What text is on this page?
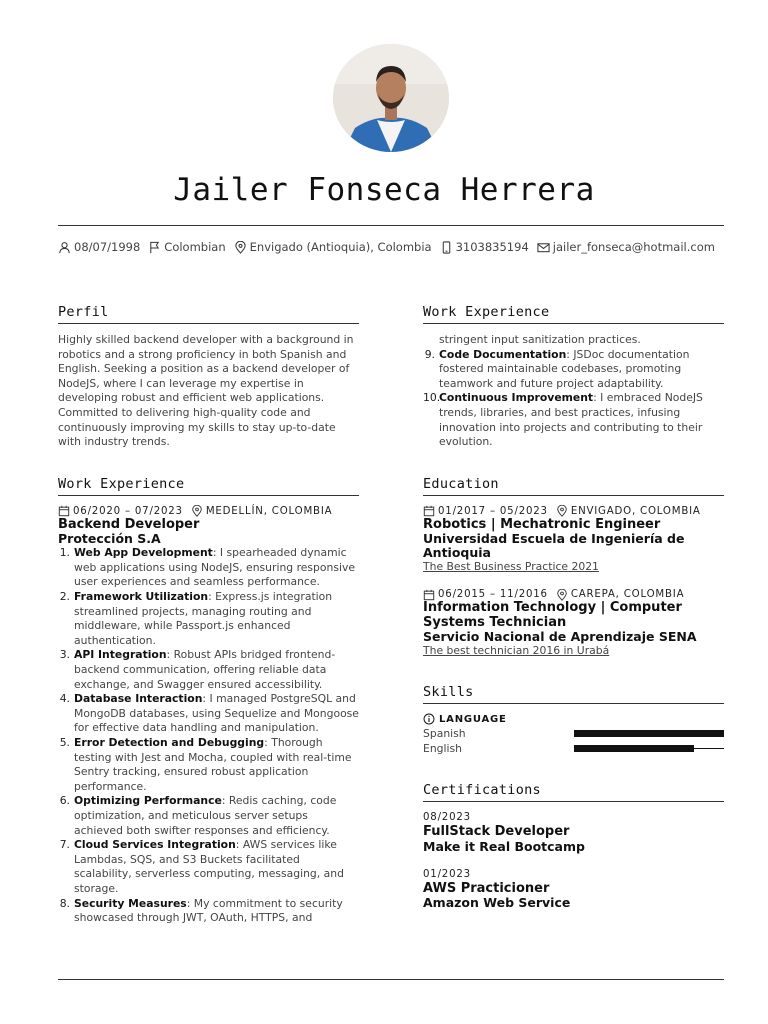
Jailer Fonseca Herrera
08/07/1998 Colombian Envigado (Antioquia), Colombia 3103835194 jailer_fonseca@hotmail.com
Perfil
Highly skilled backend developer with a background in robotics and a strong proficiency in both Spanish and English. Seeking a position as a backend developer of NodeJS, where I can leverage my expertise in developing robust and efficient web applications. Committed to delivering high-quality code and continuously improving my skills to stay up-to-date with industry trends.
Work Experience
06/2020 – 07/2023 MEDELLÍN, COLOMBIA
Backend Developer
Protección S.A
1. Web App Development: I spearheaded dynamic web applications using NodeJS, ensuring responsive user experiences and seamless performance.
2. Framework Utilization: Express.js integration streamlined projects, managing routing and middleware, while Passport.js enhanced authentication.
3. API Integration: Robust APIs bridged frontend-backend communication, offering reliable data exchange, and Swagger ensured accessibility.
4. Database Interaction: I managed PostgreSQL and MongoDB databases, using Sequelize and Mongoose for effective data handling and manipulation.
5. Error Detection and Debugging: Thorough testing with Jest and Mocha, coupled with real-time Sentry tracking, ensured robust application performance.
6. Optimizing Performance: Redis caching, code optimization, and meticulous server setups achieved both swifter responses and efficiency.
7. Cloud Services Integration: AWS services like Lambdas, SQS, and S3 Buckets facilitated scalability, serverless computing, messaging, and storage.
8. Security Measures: My commitment to security showcased through JWT, OAuth, HTTPS, and
Work Experience
stringent input sanitization practices.
9. Code Documentation: JSDoc documentation fostered maintainable codebases, promoting teamwork and future project adaptability.
10.
Continuous Improvement: I embraced NodeJS trends, libraries, and best practices, infusing innovation into projects and contributing to their evolution.
Education
01/2017 – 05/2023 ENVIGADO, COLOMBIA
Robotics | Mechatronic Engineer
Universidad Escuela de Ingeniería de Antioquia
The Best Business Practice 2021
06/2015 – 11/2016 CAREPA, COLOMBIA
Information Technology | Computer Systems Technician
Servicio Nacional de Aprendizaje SENA
The best technician 2016 in Urabá
Skills
LANGUAGE
Spanish
English
Certifications
08/2023
FullStack Developer
Make it Real Bootcamp
01/2023
AWS Practicioner
Amazon Web Service
